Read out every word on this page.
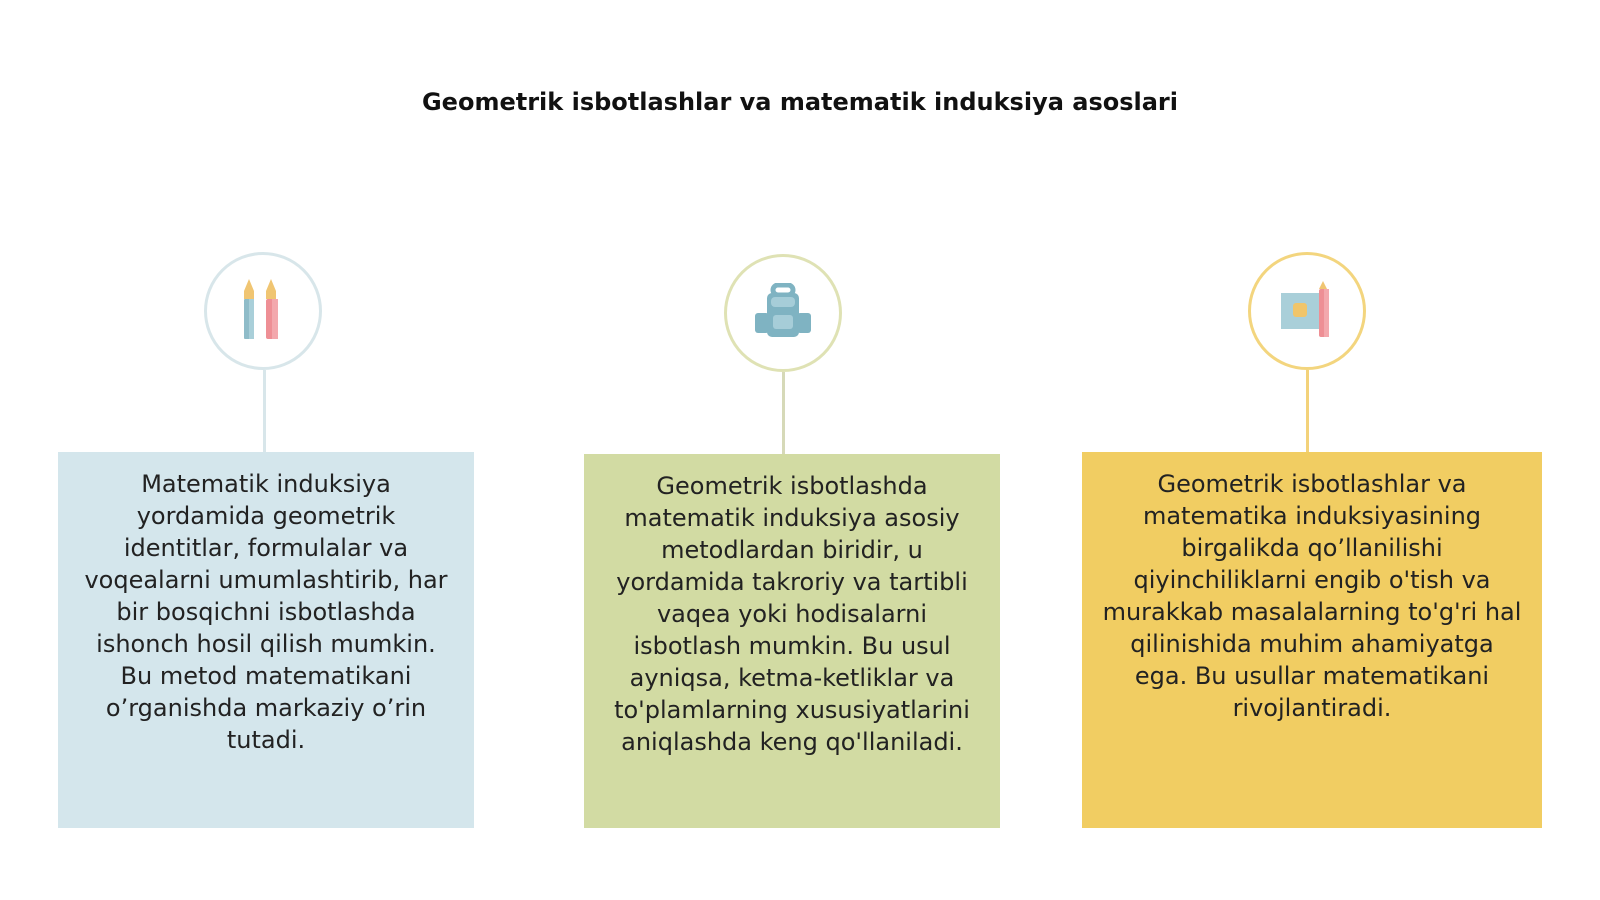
Geometrik isbotlashlar va matematik induksiya asoslari
Matematik induksiya yordamida geometrik identitlar, formulalar va voqealarni umumlashtirib, har bir bosqichni isbotlashda ishonch hosil qilish mumkin. Bu metod matematikani o’rganishda markaziy o’rin tutadi.
Geometrik isbotlashda matematik induksiya asosiy metodlardan biridir, u yordamida takroriy va tartibli vaqea yoki hodisalarni isbotlash mumkin. Bu usul ayniqsa, ketma-ketliklar va to'plamlarning xususiyatlarini aniqlashda keng qo'llaniladi.
Geometrik isbotlashlar va matematika induksiyasining birgalikda qo’llanilishi qiyinchiliklarni engib o'tish va murakkab masalalarning to'g'ri hal qilinishida muhim ahamiyatga ega. Bu usullar matematikani rivojlantiradi.
